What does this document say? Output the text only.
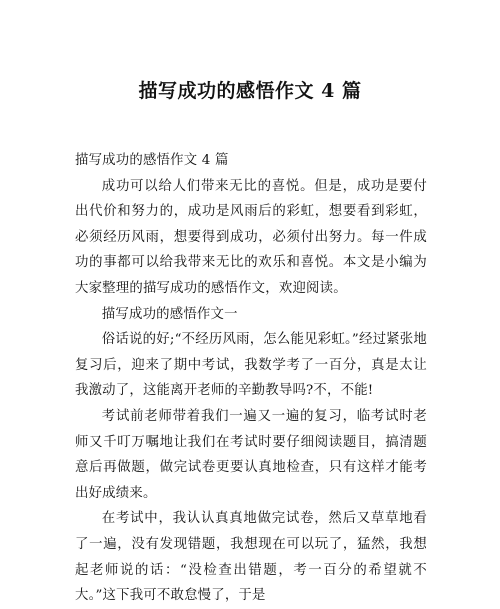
描写成功的感悟作文 4 篇

描写成功的感悟作文 4 篇

成功可以给人们带来无比的喜悦。但是，成功是要付出代价和努力的，成功是风雨后的彩虹，想要看到彩虹，必须经历风雨，想要得到成功，必须付出努力。每一件成功的事都可以给我带来无比的欢乐和喜悦。本文是小编为大家整理的描写成功的感悟作文，欢迎阅读。

描写成功的感悟作文一

俗话说的好;“不经历风雨，怎么能见彩虹。”经过紧张地复习后，迎来了期中考试，我数学考了一百分，真是太让我激动了，这能离开老师的辛勤教导吗?不，不能!

考试前老师带着我们一遍又一遍的复习，临考试时老师又千叮万嘱地让我们在考试时要仔细阅读题目，搞清题意后再做题，做完试卷更要认真地检查，只有这样才能考出好成绩来。

在考试中，我认认真真地做完试卷，然后又草草地看了一遍，没有发现错题，我想现在可以玩了，猛然，我想起老师说的话：“没检查出错题，考一百分的希望就不大。”这下我可不敢怠慢了，于是
